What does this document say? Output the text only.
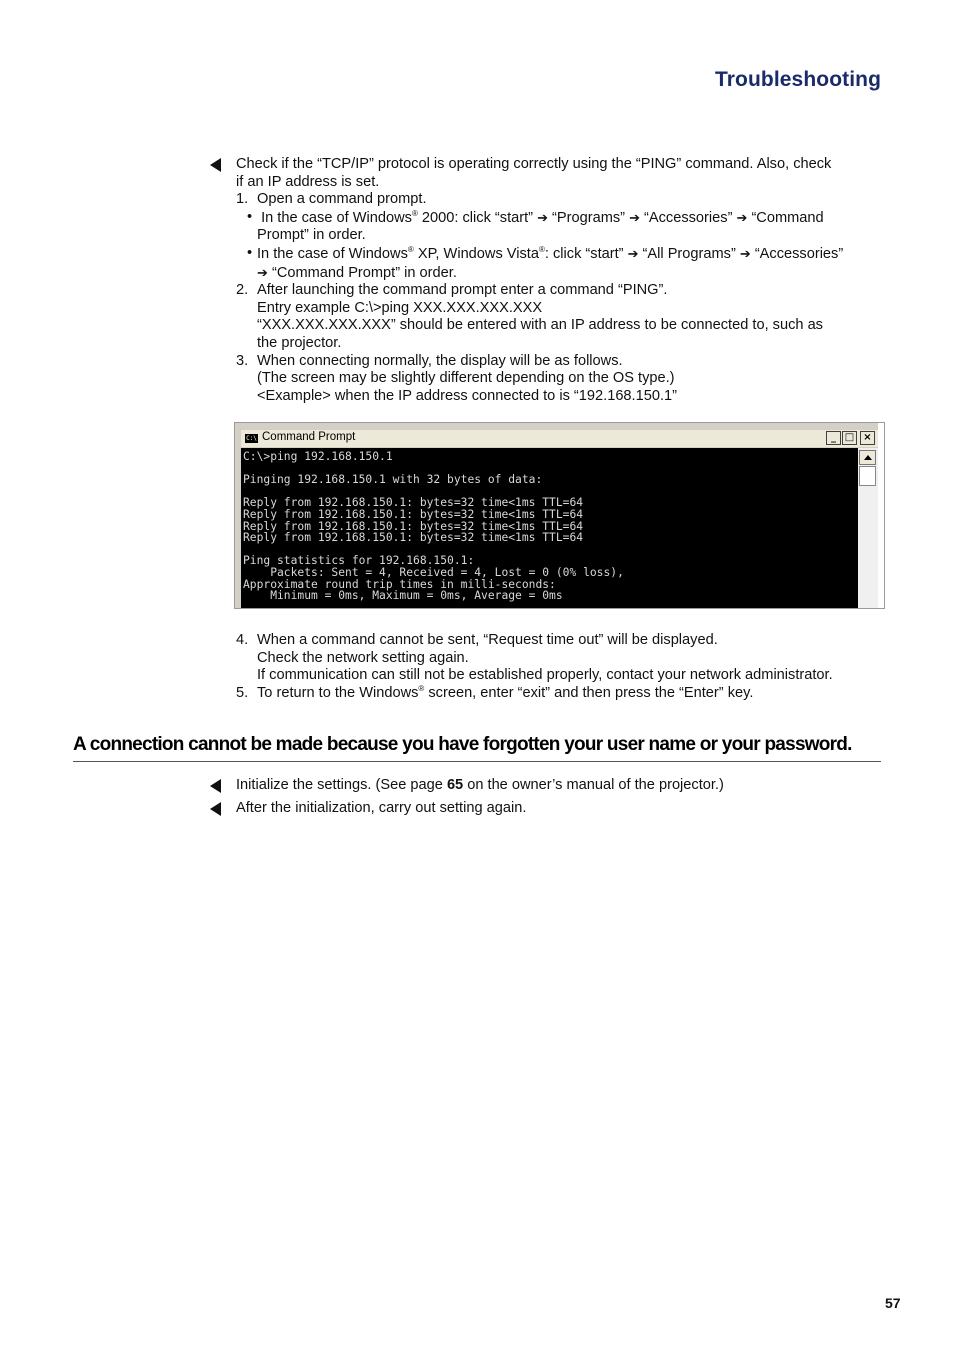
Troubleshooting

Check if the “TCP/IP” protocol is operating correctly using the “PING” command. Also, check

if an IP address is set.

1. Open a command prompt.
• In the case of Windows® 2000: click “start” ➔ “Programs” ➔ “Accessories” ➔ “Command
Prompt” in order.
• In the case of Windows® XP, Windows Vista®: click “start” ➔ “All Programs” ➔ “Accessories”
➔ “Command Prompt” in order.
2. After launching the command prompt enter a command “PING”.
Entry example C:\>ping XXX.XXX.XXX.XXX
“XXX.XXX.XXX.XXX” should be entered with an IP address to be connected to, such as
the projector.
3. When connecting normally, the display will be as follows.
(The screen may be slightly different depending on the OS type.)
<Example> when the IP address connected to is “192.168.150.1”
C:\ Command Prompt	_ □ ×
C:\>ping 192.168.150.1

Pinging 192.168.150.1 with 32 bytes of data:

Reply from 192.168.150.1: bytes=32 time<1ms TTL=64
Reply from 192.168.150.1: bytes=32 time<1ms TTL=64
Reply from 192.168.150.1: bytes=32 time<1ms TTL=64
Reply from 192.168.150.1: bytes=32 time<1ms TTL=64

Ping statistics for 192.168.150.1:
Packets: Sent = 4, Received = 4, Lost = 0 (0% loss),
Approximate round trip times in milli-seconds:
Minimum = 0ms, Maximum = 0ms, Average = 0ms
4. When a command cannot be sent, “Request time out” will be displayed.
Check the network setting again.
If communication can still not be established properly, contact your network administrator.
5. To return to the Windows® screen, enter “exit” and then press the “Enter” key.
A connection cannot be made because you have forgotten your user name or your password.
Initialize the settings. (See page 65 on the owner’s manual of the projector.)
After the initialization, carry out setting again.
57
